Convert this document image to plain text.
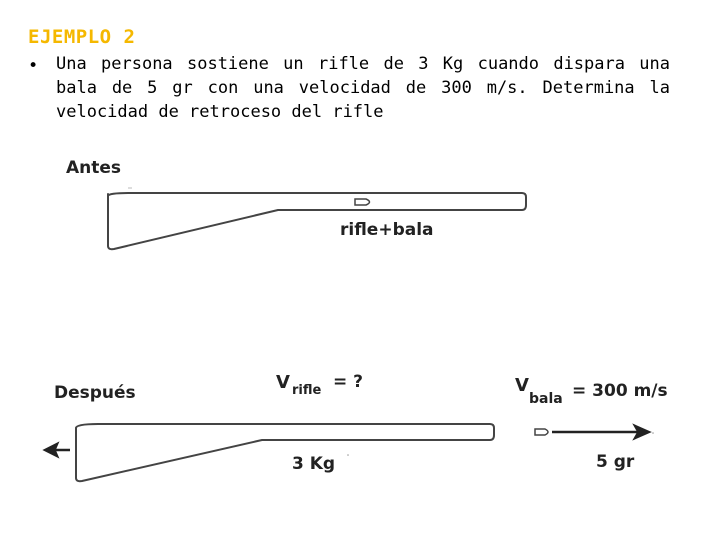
EJEMPLO 2
• Una persona sostiene un rifle de 3 Kg cuando dispara una bala de 5 gr con una velocidad de 300 m/s. Determina la velocidad de retroceso del rifle
Antes
rifle+bala
Después	V rifle = ?	V
bala = 300 m/s
3 Kg	5 gr
